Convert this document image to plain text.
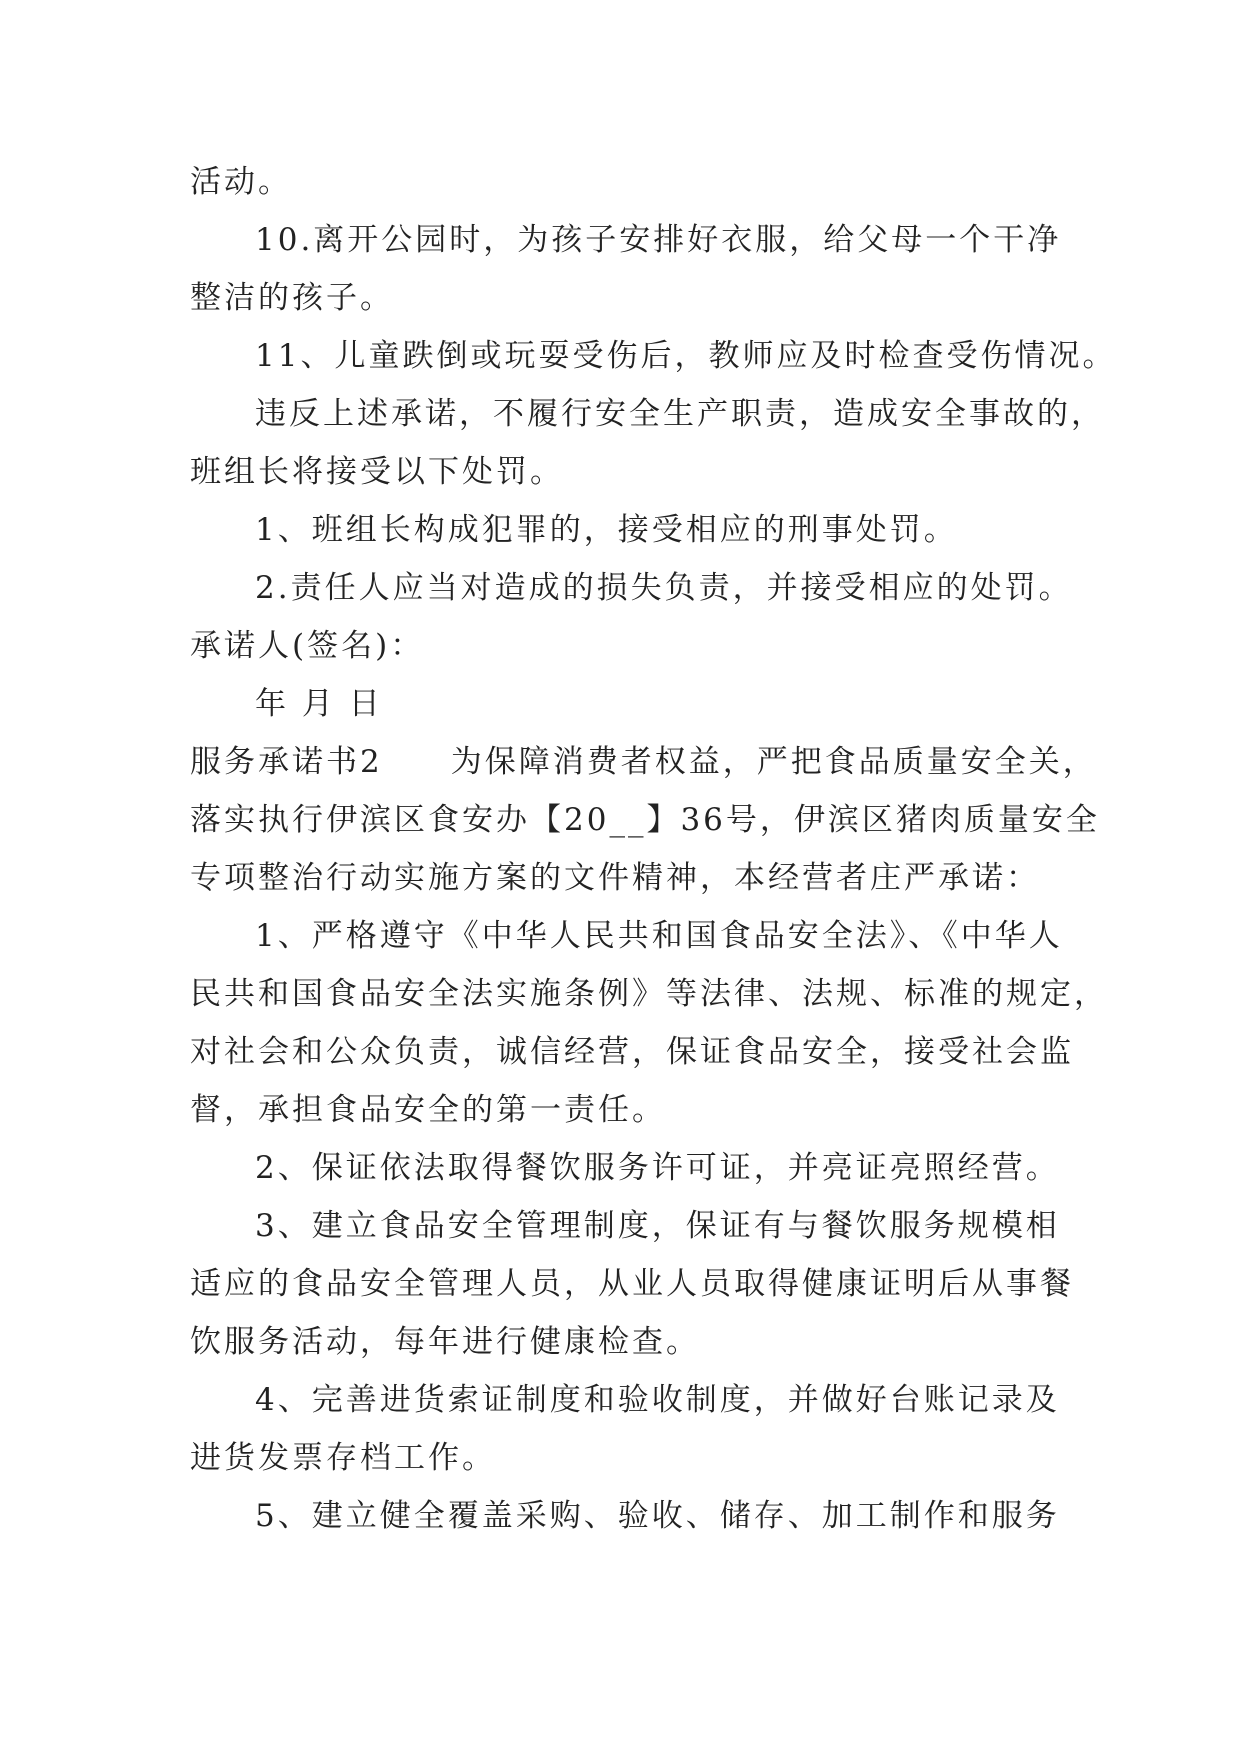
活动。
10.离开公园时，为孩子安排好衣服，给父母一个干净
整洁的孩子。
11、儿童跌倒或玩耍受伤后，教师应及时检查受伤情况。
违反上述承诺，不履行安全生产职责，造成安全事故的，
班组长将接受以下处罚。
1、班组长构成犯罪的，接受相应的刑事处罚。
2.责任人应当对造成的损失负责，并接受相应的处罚。
承诺人(签名)：
年 月 日
服务承诺书2　　为保障消费者权益，严把食品质量安全关，
落实执行伊滨区食安办【20__】36号，伊滨区猪肉质量安全
专项整治行动实施方案的文件精神，本经营者庄严承诺：
1、严格遵守《中华人民共和国食品安全法》、《中华人
民共和国食品安全法实施条例》等法律、法规、标准的规定，
对社会和公众负责，诚信经营，保证食品安全，接受社会监
督，承担食品安全的第一责任。
2、保证依法取得餐饮服务许可证，并亮证亮照经营。
3、建立食品安全管理制度，保证有与餐饮服务规模相
适应的食品安全管理人员，从业人员取得健康证明后从事餐
饮服务活动，每年进行健康检查。
4、完善进货索证制度和验收制度，并做好台账记录及
进货发票存档工作。
5、建立健全覆盖采购、验收、储存、加工制作和服务
